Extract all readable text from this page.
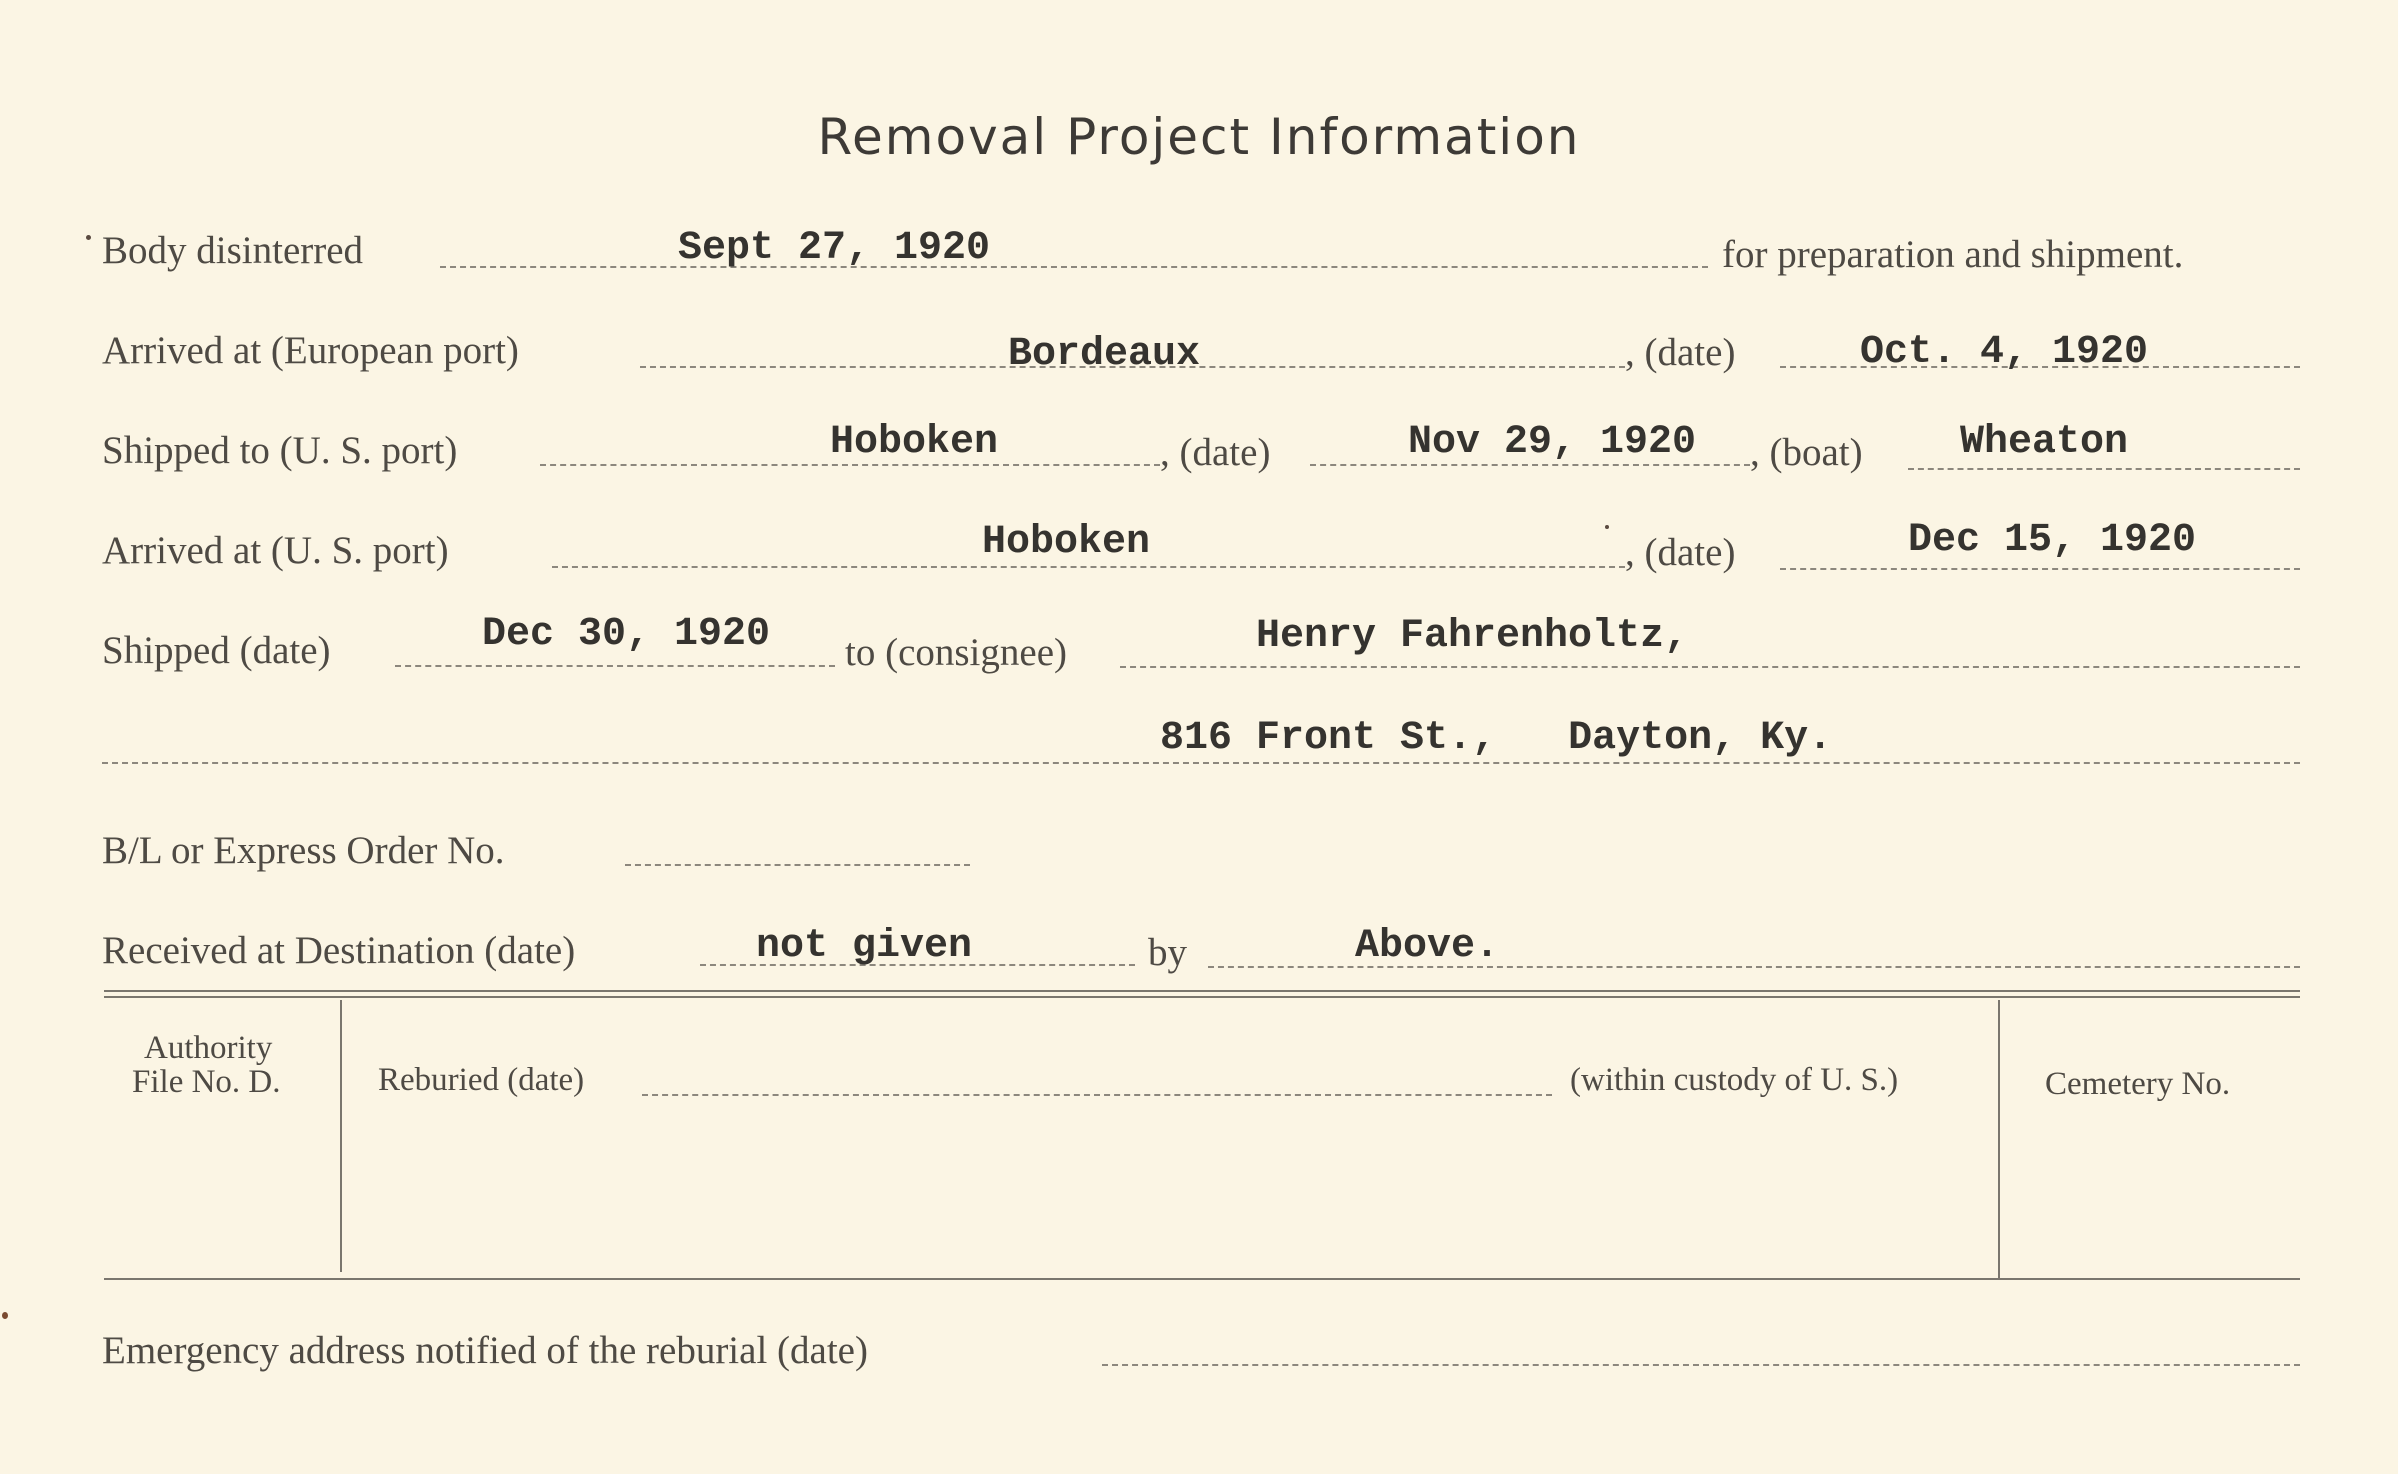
Removal Project Information
Body disinterred	Sept 27, 1920	for preparation and shipment.
Arrived at (European port)	Bordeaux	, (date)	Oct. 4, 1920
Shipped to (U. S. port)	Hoboken	, (date)	Nov 29, 1920 , (boat) Wheaton
Arrived at (U. S. port)	Hoboken	, (date)	Dec 15, 1920
Shipped (date)	Dec 30, 1920 to (consignee)	Henry Fahrenholtz,
816 Front St.,   Dayton, Ky.
B/L or Express Order No.
Received at Destination (date)	not given	by	Above.
Authority
File No. D.	Reburied (date)	(within custody of U. S.)	Cemetery No.
Emergency address notified of the reburial (date)
